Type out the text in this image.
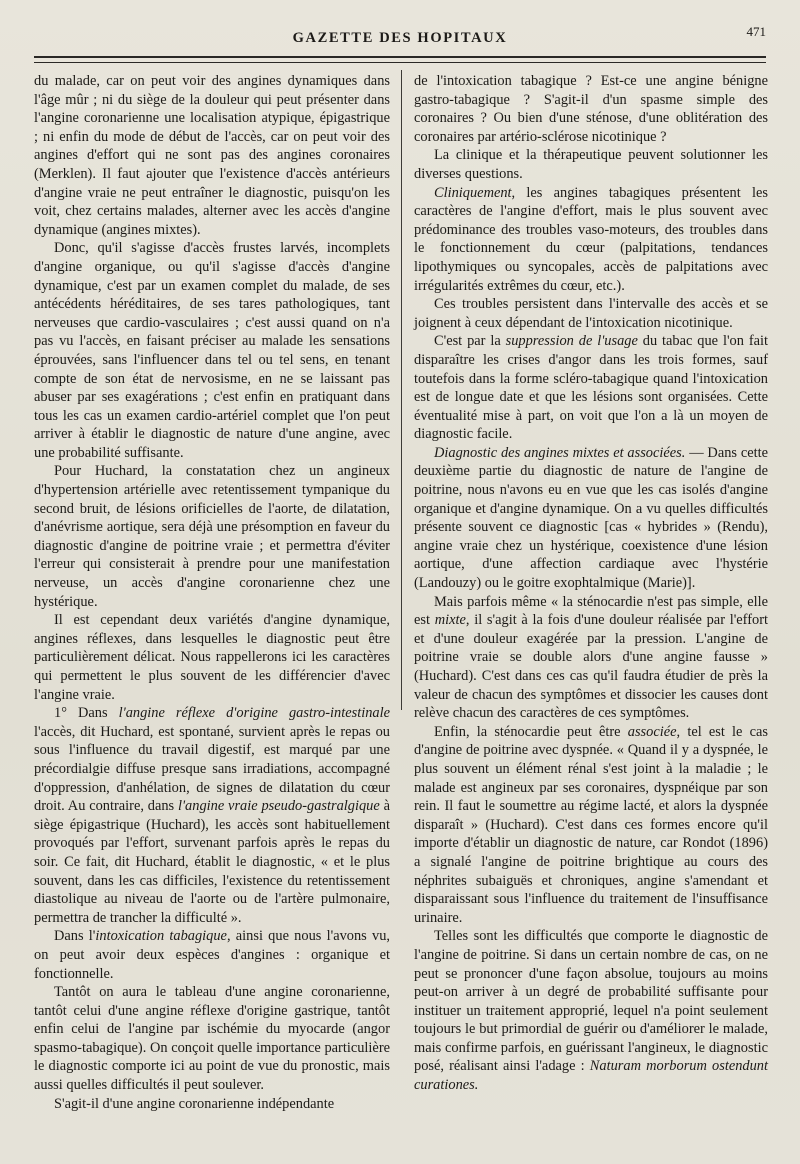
GAZETTE DES HOPITAUX	471

du malade, car on peut voir des angines dynamiques dans l'âge mûr ; ni du siège de la douleur qui peut présenter dans l'angine coronarienne une localisation atypique, épigastrique ; ni enfin du mode de début de l'accès, car on peut voir des angines d'effort qui ne sont pas des angines coronaires (Merklen). Il faut ajouter que l'existence d'accès antérieurs d'angine vraie ne peut entraîner le diagnostic, puisqu'on les voit, chez certains malades, alterner avec les accès d'angine dynamique (angines mixtes).

Donc, qu'il s'agisse d'accès frustes larvés, incomplets d'angine organique, ou qu'il s'agisse d'accès d'angine dynamique, c'est par un examen complet du malade, de ses antécédents héréditaires, de ses tares pathologiques, tant nerveuses que cardio-vasculaires ; c'est aussi quand on n'a pas vu l'accès, en faisant préciser au malade les sensations éprouvées, sans l'influencer dans tel ou tel sens, en tenant compte de son état de nervosisme, en ne se laissant pas abuser par ses exagérations ; c'est enfin en pratiquant dans tous les cas un examen cardio-artériel complet que l'on peut arriver à établir le diagnostic de nature d'une angine, avec une probabilité suffisante.

Pour Huchard, la constatation chez un angineux d'hypertension artérielle avec retentissement tympanique du second bruit, de lésions orificielles de l'aorte, de dilatation, d'anévrisme aortique, sera déjà une présomption en faveur du diagnostic d'angine de poitrine vraie ; et permettra d'éviter l'erreur qui consisterait à prendre pour une manifestation nerveuse, un accès d'angine coronarienne chez une hystérique.

Il est cependant deux variétés d'angine dynamique, angines réflexes, dans lesquelles le diagnostic peut être particulièrement délicat. Nous rappellerons ici les caractères qui permettent le plus souvent de les différencier d'avec l'angine vraie.

1° Dans l'angine réflexe d'origine gastro-intestinale l'accès, dit Huchard, est spontané, survient après le repas ou sous l'influence du travail digestif, est marqué par une précordialgie diffuse presque sans irradiations, accompagné d'oppression, d'anhélation, de signes de dilatation du cœur droit. Au contraire, dans l'angine vraie pseudo-gastralgique à siège épigastrique (Huchard), les accès sont habituellement provoqués par l'effort, survenant parfois après le repas du soir. Ce fait, dit Huchard, établit le diagnostic, « et le plus souvent, dans les cas difficiles, l'existence du retentissement diastolique au niveau de l'aorte ou de l'artère pulmonaire, permettra de trancher la difficulté ».

Dans l'intoxication tabagique, ainsi que nous l'avons vu, on peut avoir deux espèces d'angines : organique et fonctionnelle.

Tantôt on aura le tableau d'une angine coronarienne, tantôt celui d'une angine réflexe d'origine gastrique, tantôt enfin celui de l'angine par ischémie du myocarde (angor spasmo-tabagique). On conçoit quelle importance particulière le diagnostic comporte ici au point de vue du pronostic, mais aussi quelles difficultés il peut soulever.

S'agit-il d'une angine coronarienne indépendante

de l'intoxication tabagique ? Est-ce une angine bénigne gastro-tabagique ? S'agit-il d'un spasme simple des coronaires ? Ou bien d'une sténose, d'une oblitération des coronaires par artério-sclérose nicotinique ?

La clinique et la thérapeutique peuvent solutionner les diverses questions.

Cliniquement, les angines tabagiques présentent les caractères de l'angine d'effort, mais le plus souvent avec prédominance des troubles vaso-moteurs, des troubles dans le fonctionnement du cœur (palpitations, tendances lipothymiques ou syncopales, accès de palpitations avec irrégularités extrêmes du cœur, etc.).

Ces troubles persistent dans l'intervalle des accès et se joignent à ceux dépendant de l'intoxication nicotinique.

C'est par la suppression de l'usage du tabac que l'on fait disparaître les crises d'angor dans les trois formes, sauf toutefois dans la forme scléro-tabagique quand l'intoxication est de longue date et que les lésions sont organisées. Cette éventualité mise à part, on voit que l'on a là un moyen de diagnostic facile.

Diagnostic des angines mixtes et associées. — Dans cette deuxième partie du diagnostic de nature de l'angine de poitrine, nous n'avons eu en vue que les cas isolés d'angine organique et d'angine dynamique. On a vu quelles difficultés présente souvent ce diagnostic [cas « hybrides » (Rendu), angine vraie chez un hystérique, coexistence d'une lésion aortique, d'une affection cardiaque avec l'hystérie (Landouzy) ou le goitre exophtalmique (Marie)].

Mais parfois même « la sténocardie n'est pas simple, elle est mixte, il s'agit à la fois d'une douleur réalisée par l'effort et d'une douleur exagérée par la pression. L'angine de poitrine vraie se double alors d'une angine fausse » (Huchard). C'est dans ces cas qu'il faudra étudier de près la valeur de chacun des symptômes et dissocier les causes dont relève chacun des caractères de ces symptômes.

Enfin, la sténocardie peut être associée, tel est le cas d'angine de poitrine avec dyspnée. « Quand il y a dyspnée, le plus souvent un élément rénal s'est joint à la maladie ; le malade est angineux par ses coronaires, dyspnéique par son rein. Il faut le soumettre au régime lacté, et alors la dyspnée disparaît » (Huchard). C'est dans ces formes encore qu'il importe d'établir un diagnostic de nature, car Rondot (1896) a signalé l'angine de poitrine brightique au cours des néphrites subaiguës et chroniques, angine s'amendant et disparaissant sous l'influence du traitement de l'insuffisance urinaire.

Telles sont les difficultés que comporte le diagnostic de l'angine de poitrine. Si dans un certain nombre de cas, on ne peut se prononcer d'une façon absolue, toujours au moins peut-on arriver à un degré de probabilité suffisante pour instituer un traitement approprié, lequel n'a point seulement toujours le but primordial de guérir ou d'améliorer le malade, mais confirme parfois, en guérissant l'angineux, le diagnostic posé, réalisant ainsi l'adage : Naturam morborum ostendunt curationes.
